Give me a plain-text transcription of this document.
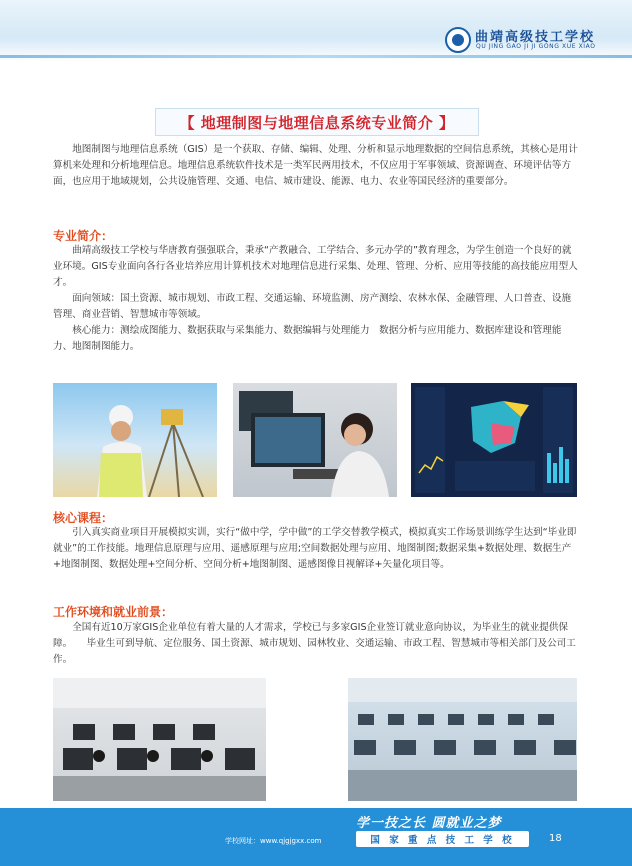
曲靖高级技工学校
QU JING GAO JI JI GONG XUE XIAO
【 地理制图与地理信息系统专业简介 】

地图制图与地理信息系统（GIS）是一个获取、存储、编辑、处理、分析和显示地理数据的空间信息系统，其核心是用计算机来处理和分析地理信息。地理信息系统软件技术是一类军民两用技术，不仅应用于军事领域、资源调查、环境评估等方面，也应用于地域规划，公共设施管理、交通、电信、城市建设、能源、电力、农业等国民经济的重要部分。

专业简介：

曲靖高级技工学校与华唐教育强强联合，秉承“产教融合、工学结合、多元办学的”教育理念，为学生创造一个良好的就业环境。GIS专业面向各行各业培养应用计算机技术对地理信息进行采集、处理、管理、分析、应用等技能的高技能应用型人才。

面向领域：国土资源、城市规划、市政工程、交通运输、环境监测、房产测绘、农林水保、金融管理、人口普查、设施管理、商业营销、智慧城市等领域。

核心能力：测绘成图能力、数据获取与采集能力、数据编辑与处理能力　数据分析与应用能力、数据库建设和管理能力、地图制图能力。

核心课程：

引入真实商业项目开展模拟实训，实行“做中学，学中做”的工学交替教学模式，模拟真实工作场景训练学生达到“毕业即就业”的工作技能。地理信息原理与应用、遥感原理与应用;空间数据处理与应用、地图制图;数据采集+数据处理、数据生产+地图制图、数据处理+空间分析、空间分析+地图制图、遥感图像目视解译+矢量化项目等。

工作环境和就业前景：

全国有近10万家GIS企业单位有着大量的人才需求，学校已与多家GIS企业签订就业意向协议，为毕业生的就业提供保障。　　毕业生可到导航、定位服务、国土资源、城市规划、园林牧业、交通运输、市政工程、智慧城市等相关部门及公司工作。

学一技之长 圆就业之梦
国 家 重 点 技 工 学 校
学校网址：www.qjgjgxx.com	18
